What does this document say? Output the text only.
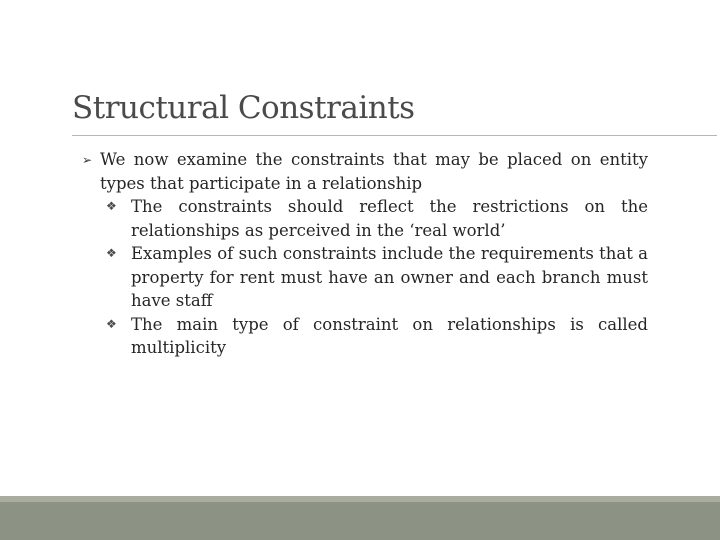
Structural Constraints
➢ We now examine the constraints that may be placed on entity types that participate in a relationship
❖ The constraints should reflect the restrictions on the relationships as perceived in the ‘real world’
❖ Examples of such constraints include the requirements that a property for rent must have an owner and each branch must have staff
❖ The main type of constraint on relationships is called multiplicity
